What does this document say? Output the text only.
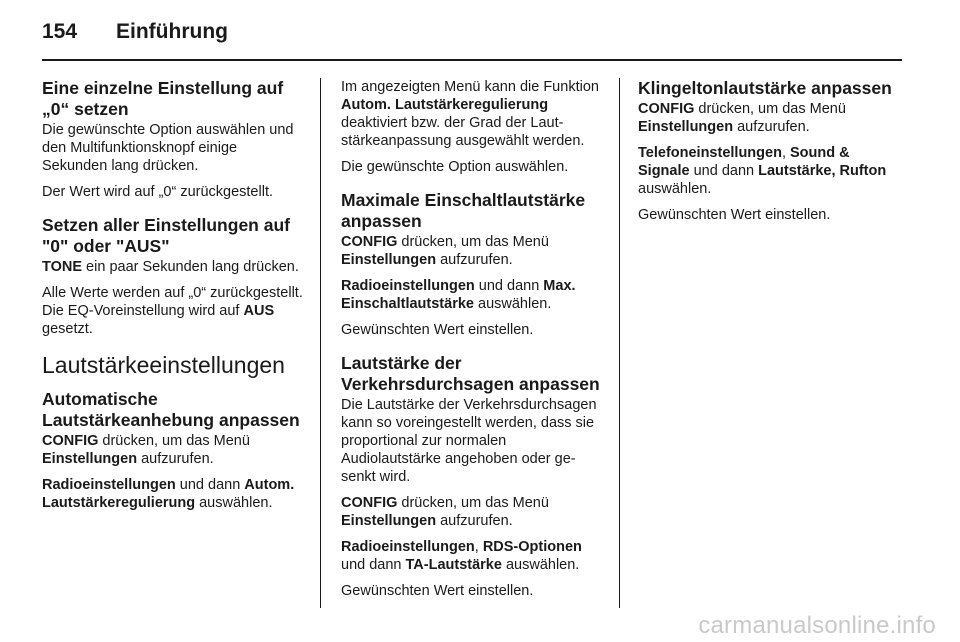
154 Einführung
Eine einzelne Einstellung auf „0“ setzen

Die gewünschte Option auswählen und den Multifunktionsknopf einige Sekunden lang drücken.

Der Wert wird auf „0“ zurückgestellt.

Setzen aller Einstellungen auf "0" oder "AUS"

TONE ein paar Sekunden lang drücken.

Alle Werte werden auf „0“ zurückgestellt. Die EQ-Voreinstellung wird auf AUS gesetzt.

Lautstärkeeinstellungen
Automatische Lautstärkeanhebung anpassen

CONFIG drücken, um das Menü Einstellungen aufzurufen.

Radioeinstellungen und dann Autom. Lautstärkeregulierung auswählen.

Im angezeigten Menü kann die Funktion Autom. Lautstärkeregulierung deaktiviert bzw. der Grad der Lautstärkeanpassung ausgewählt werden.

Die gewünschte Option auswählen.

Maximale Einschaltlautstärke anpassen

CONFIG drücken, um das Menü Einstellungen aufzurufen.

Radioeinstellungen und dann Max. Einschaltlautstärke auswählen.

Gewünschten Wert einstellen.

Lautstärke der Verkehrsdurchsagen anpassen

Die Lautstärke der Verkehrsdurchsagen kann so voreingestellt werden, dass sie proportional zur normalen Audiolautstärke angehoben oder gesenkt wird.

CONFIG drücken, um das Menü Einstellungen aufzurufen.

Radioeinstellungen, RDS-Optionen und dann TA-Lautstärke auswählen.

Gewünschten Wert einstellen.

Klingeltonlautstärke anpassen

CONFIG drücken, um das Menü Einstellungen aufzurufen.

Telefoneinstellungen, Sound & Signale und dann Lautstärke, Rufton auswählen.

Gewünschten Wert einstellen.

carmanualsonline.info
